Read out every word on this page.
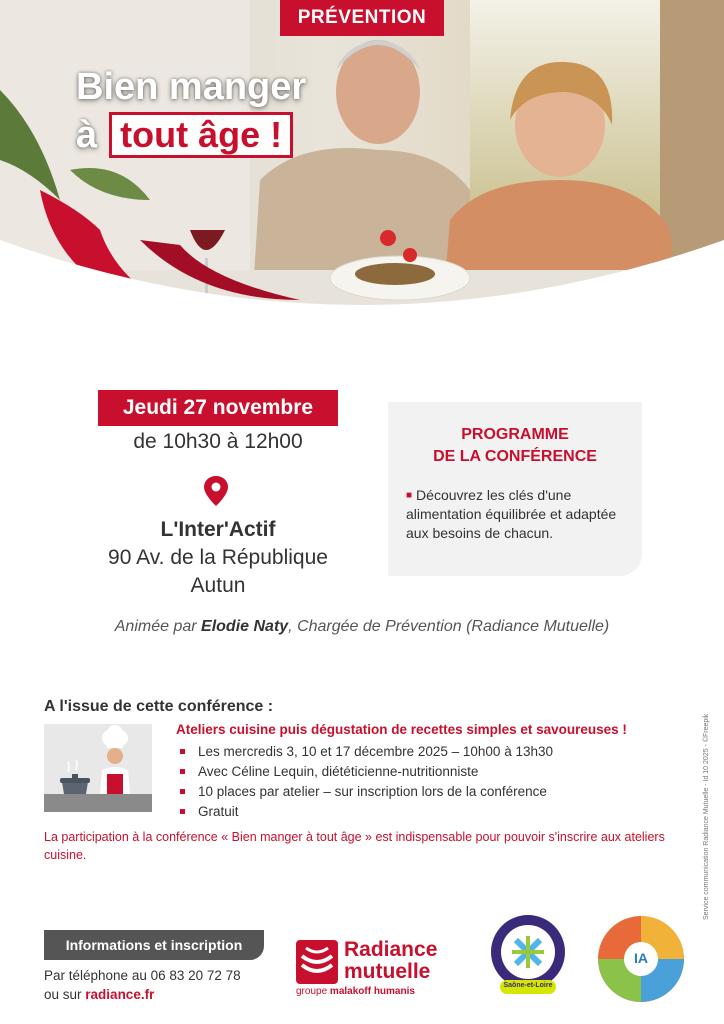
PRÉVENTION
Bien manger
à tout âge !
Jeudi 27 novembre
de 10h30 à 12h00
L'Inter'Actif
90 Av. de la République
Autun
PROGRAMME
DE LA CONFÉRENCE
■ Découvrez les clés d'une alimentation équilibrée et adaptée aux besoins de chacun.
Animée par Elodie Naty, Chargée de Prévention (Radiance Mutuelle)
A l'issue de cette conférence :
Ateliers cuisine puis dégustation de recettes simples et savoureuses !
Les mercredis 3, 10 et 17 décembre 2025 – 10h00 à 13h30
Avec Céline Lequin, diététicienne-nutritionniste
10 places par atelier – sur inscription lors de la conférence
Gratuit
La participation à la conférence « Bien manger à tout âge » est indispensable pour pouvoir s'inscrire aux ateliers cuisine.	Service communication Radiance Mutuelle - Id 10 2025 - ©Freepik
Informations et inscription
Par téléphone au 06 83 20 72 78
ou sur radiance.fr
Radiance
mutuelle
groupe malakoff humanis
Saône-et-Loire
IA
